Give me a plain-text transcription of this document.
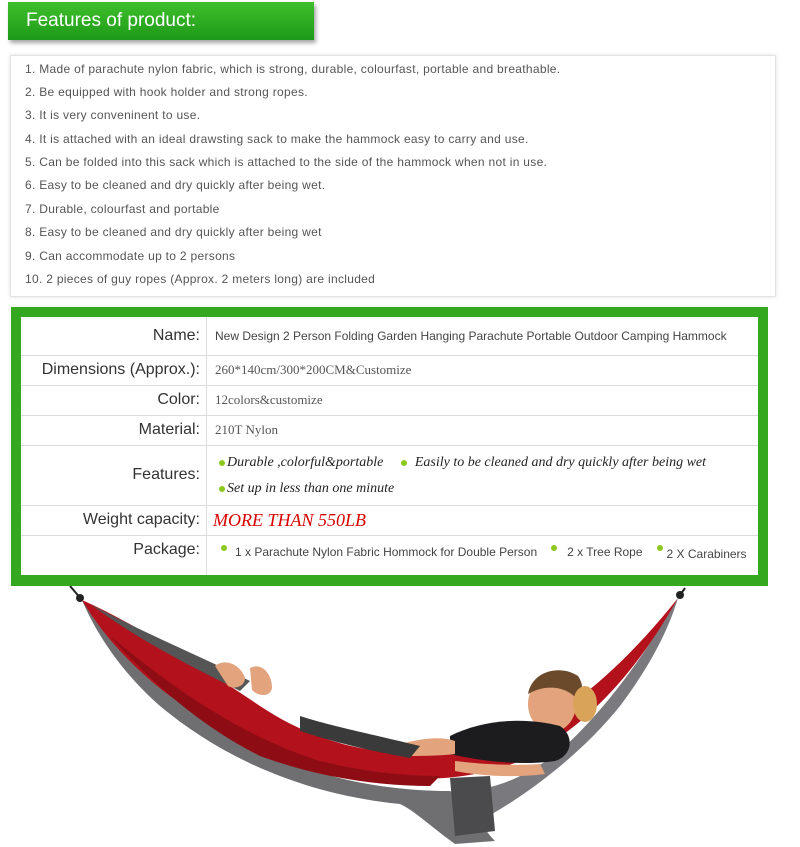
Features of product:
1. Made of parachute nylon fabric, which is strong, durable, colourfast, portable and breathable.
2. Be equipped with hook holder and strong ropes.
3. It is very conveninent to use.
4. It is attached with an ideal drawsting sack to make the hammock easy to carry and use.
5. Can be folded into this sack which is attached to the side of the hammock when not in use.
6. Easy to be cleaned and dry quickly after being wet.
7. Durable, colourfast and portable
8. Easy to be cleaned and dry quickly after being wet
9. Can accommodate up to 2 persons
10. 2 pieces of guy ropes (Approx. 2 meters long) are included
Name:	New Design 2 Person Folding Garden Hanging Parachute Portable Outdoor Camping Hammock
Dimensions (Approx.):	260*140cm/300*200CM&Customize
Color:	12colors&customize
Material:	210T Nylon
Features:
Durable ,colorful&portable Easily to be cleaned and dry quickly after being wet
Set up in less than one minute
Weight capacity: MORE THAN 550LB
Package:	1 x Parachute Nylon Fabric Hommock for Double Person	2 x Tree Rope 2 X Carabiners
